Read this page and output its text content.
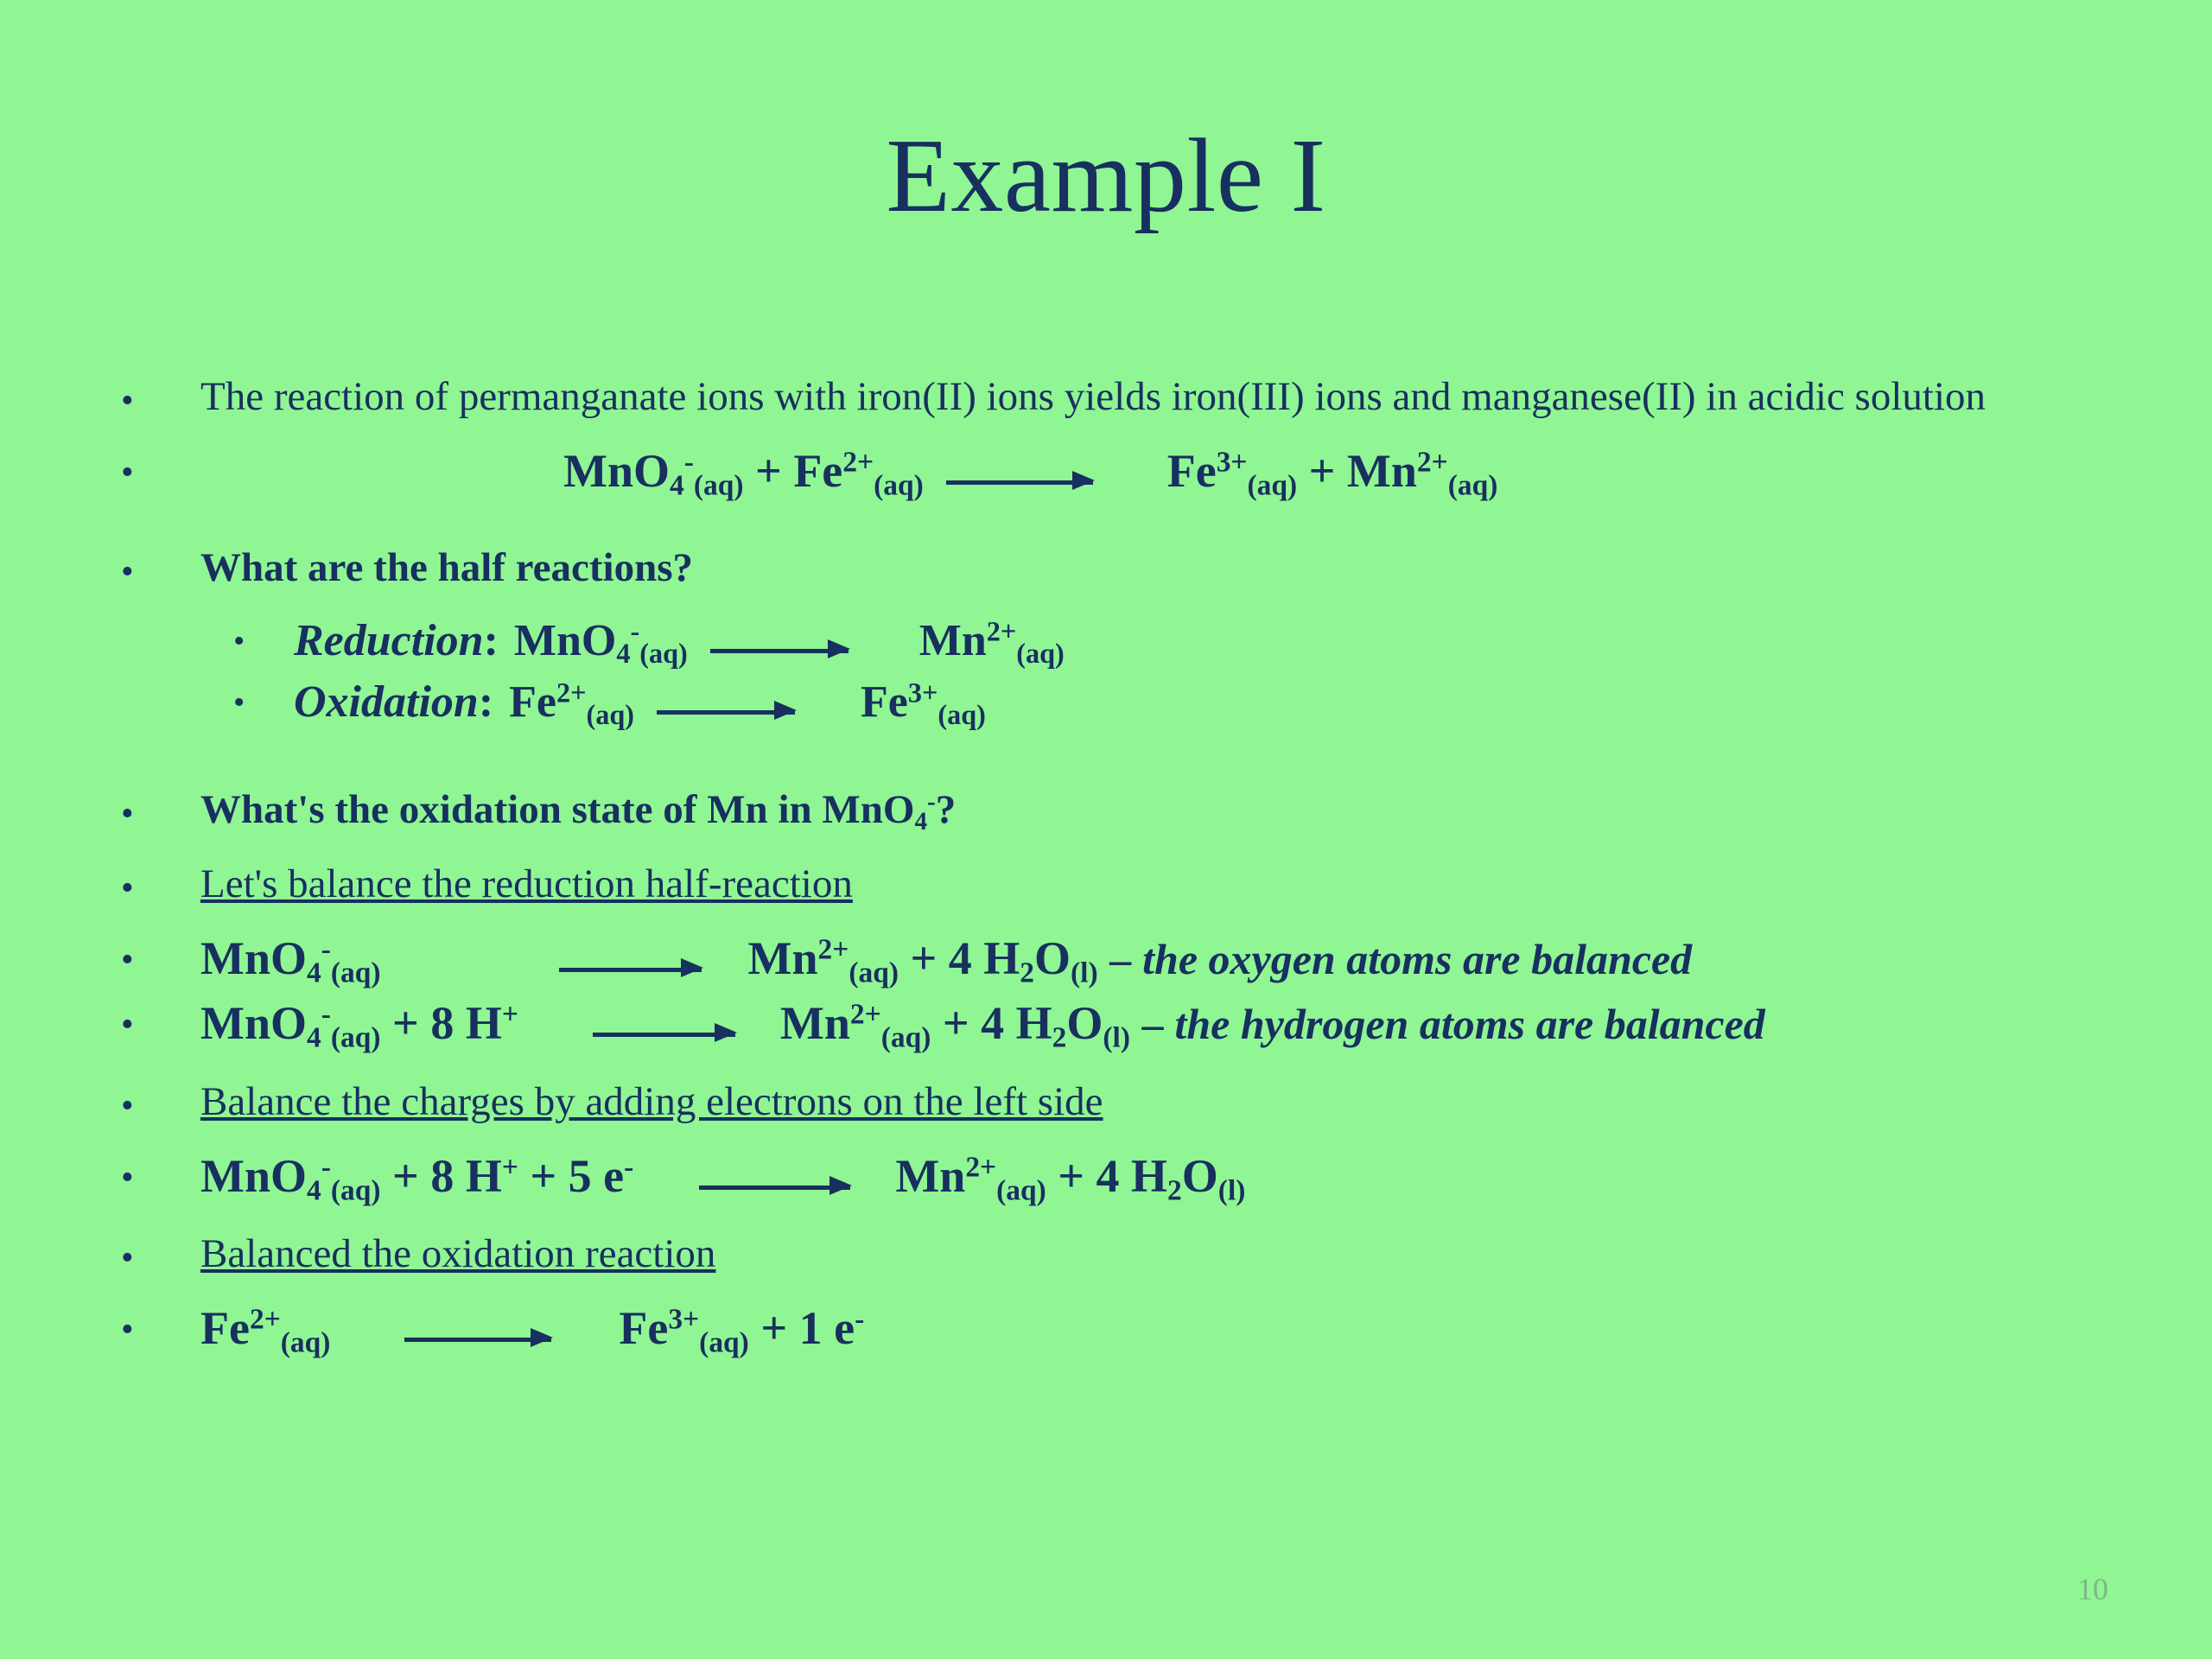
Example I
•	The reaction of permanganate ions with iron(II) ions yields iron(III) ions and manganese(II) in acidic solution
•	$MnO_4^-_{(aq)} + Fe^{2+}_{(aq)}$	$Fe^{3+}_{(aq)} + Mn^{2+}_{(aq)}$
•	What are the half reactions?
•	Reduction : MnO$_4$-$_{(aq)}$	$Mn^{2+}_{(aq)}$
•	Oxidation : $Fe^{2+}_{(aq)}$	$Fe^{3+}_{(aq)}$
•	What's the oxidation state of Mn in MnO$_4$-?
•	Let's balance the reduction half-reaction
•	MnO$_4$-$_{(aq)}$	$Mn^{2+}_{(aq)} + 4$ $H_2O_{(l)}$ – the oxygen atoms are balanced
•	MnO$_4$-$_{(aq)}$ + 8 H+	$Mn^{2+}_{(aq)} + 4$ $H_2O_{(l)}$ – the hydrogen atoms are balanced
•	Balance the charges by adding electrons on the left side
•	MnO$_4$-$_{(aq)}$ + 8 H+ + 5 e-	$Mn^{2+}_{(aq)} + 4$ $H_2O_{(l)}$
•	Balanced the oxidation reaction
•	$Fe^{2+}_{(aq)}$	$Fe^{3+}_{(aq)} + 1$ e-
10
